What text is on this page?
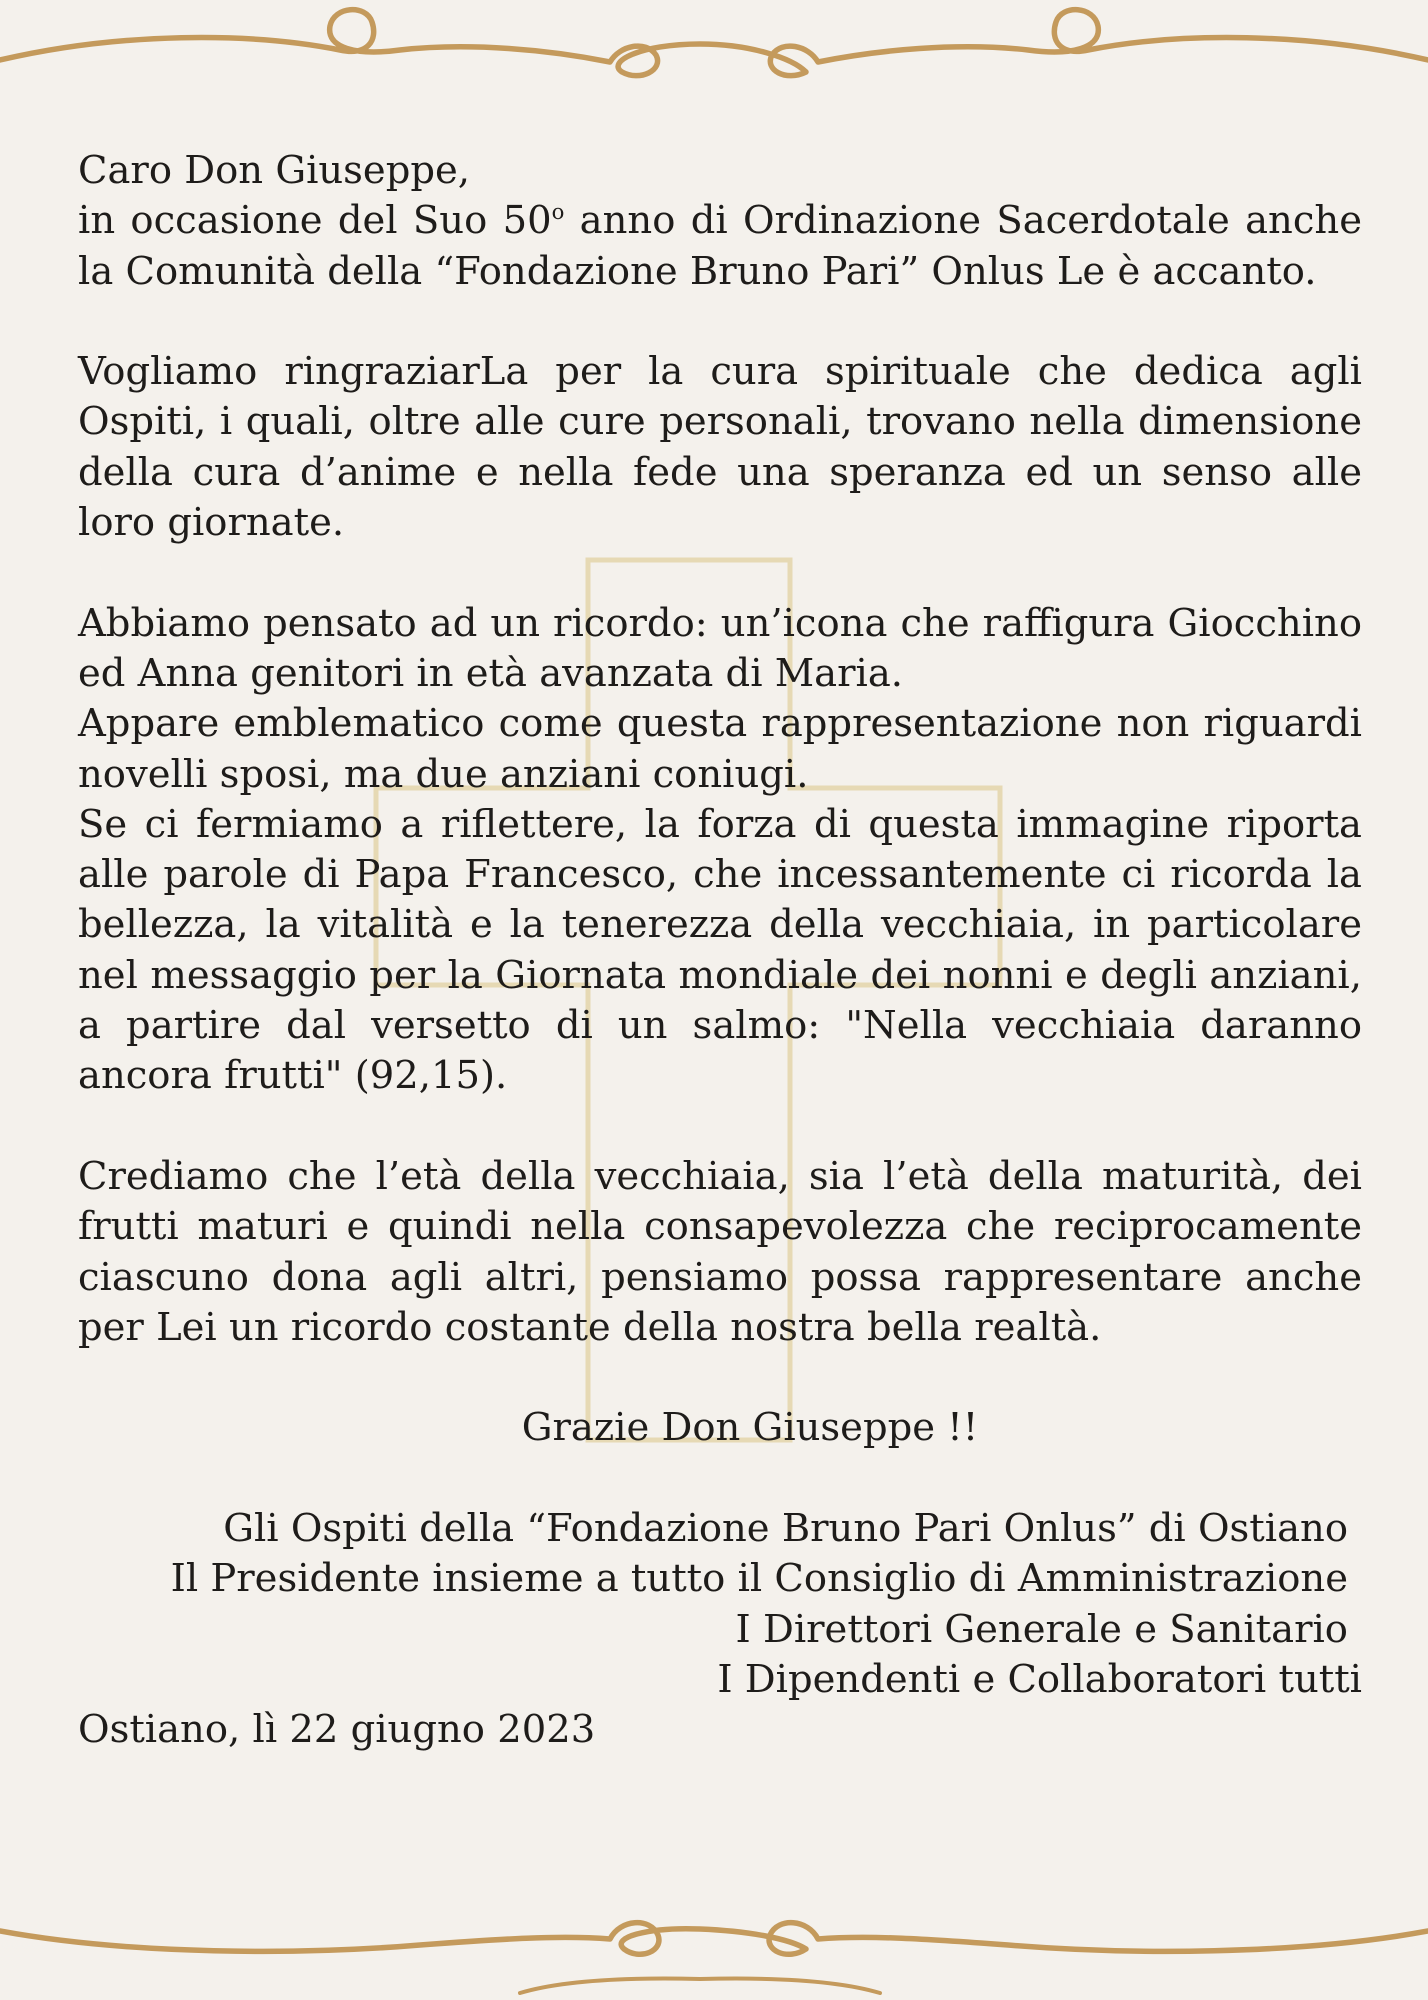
Caro Don Giuseppe,

in occasione del Suo 50$^o$ anno di Ordinazione Sacerdotale anche la Comunità della “Fondazione Bruno Pari” Onlus Le è accanto.

Vogliamo ringraziarLa per la cura spirituale che dedica agli Ospiti, i quali, oltre alle cure personali, trovano nella dimensione della cura d’anime e nella fede una speranza ed un senso alle loro giornate.

Abbiamo pensato ad un ricordo: un’icona che raffigura Giocchino ed Anna genitori in età avanzata di Maria.

Appare emblematico come questa rappresentazione non riguardi novelli sposi, ma due anziani coniugi.

Se ci fermiamo a riflettere, la forza di questa immagine riporta alle parole di Papa Francesco, che incessantemente ci ricorda la bellezza, la vitalità e la tenerezza della vecchiaia, in particolare nel messaggio per la Giornata mondiale dei nonni e degli anziani, a partire dal versetto di un salmo: "Nella vecchiaia daranno ancora frutti" (92,15).

Crediamo che l’età della vecchiaia, sia l’età della maturità, dei frutti maturi e quindi nella consapevolezza che reciprocamente ciascuno dona agli altri, pensiamo possa rappresentare anche per Lei un ricordo costante della nostra bella realtà.

Grazie Don Giuseppe !!

Gli Ospiti della “Fondazione Bruno Pari Onlus” di Ostiano

Il Presidente insieme a tutto il Consiglio di Amministrazione

I Direttori Generale e Sanitario

I Dipendenti e Collaboratori tutti

Ostiano, lì 22 giugno 2023
